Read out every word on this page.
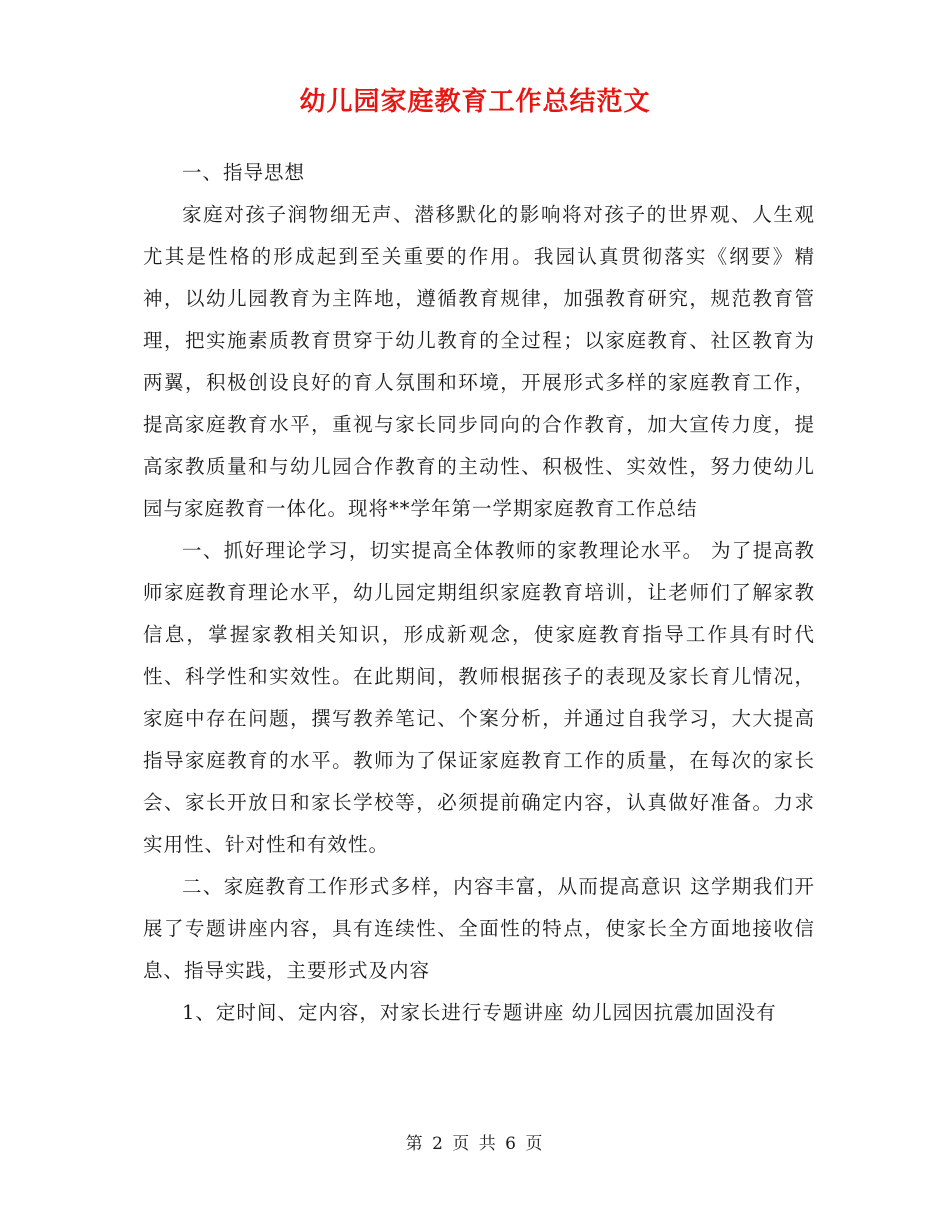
幼儿园家庭教育工作总结范文

一、指导思想

家庭对孩子润物细无声、潜移默化的影响将对孩子的世界观、人生观尤其是性格的形成起到至关重要的作用。我园认真贯彻落实《纲要》精神，以幼儿园教育为主阵地，遵循教育规律，加强教育研究，规范教育管理，把实施素质教育贯穿于幼儿教育的全过程；以家庭教育、社区教育为两翼，积极创设良好的育人氛围和环境，开展形式多样的家庭教育工作，提高家庭教育水平，重视与家长同步同向的合作教育，加大宣传力度，提高家教质量和与幼儿园合作教育的主动性、积极性、实效性，努力使幼儿园与家庭教育一体化。现将**学年第一学期家庭教育工作总结

一、抓好理论学习，切实提高全体教师的家教理论水平。 为了提高教师家庭教育理论水平，幼儿园定期组织家庭教育培训，让老师们了解家教信息，掌握家教相关知识，形成新观念，使家庭教育指导工作具有时代性、科学性和实效性。在此期间，教师根据孩子的表现及家长育儿情况，家庭中存在问题，撰写教养笔记、个案分析，并通过自我学习，大大提高指导家庭教育的水平。教师为了保证家庭教育工作的质量，在每次的家长会、家长开放日和家长学校等，必须提前确定内容，认真做好准备。力求实用性、针对性和有效性。

二、家庭教育工作形式多样，内容丰富，从而提高意识 这学期我们开展了专题讲座内容，具有连续性、全面性的特点，使家长全方面地接收信息、指导实践，主要形式及内容

1、定时间、定内容，对家长进行专题讲座 幼儿园因抗震加固没有

第 2 页 共 6 页
